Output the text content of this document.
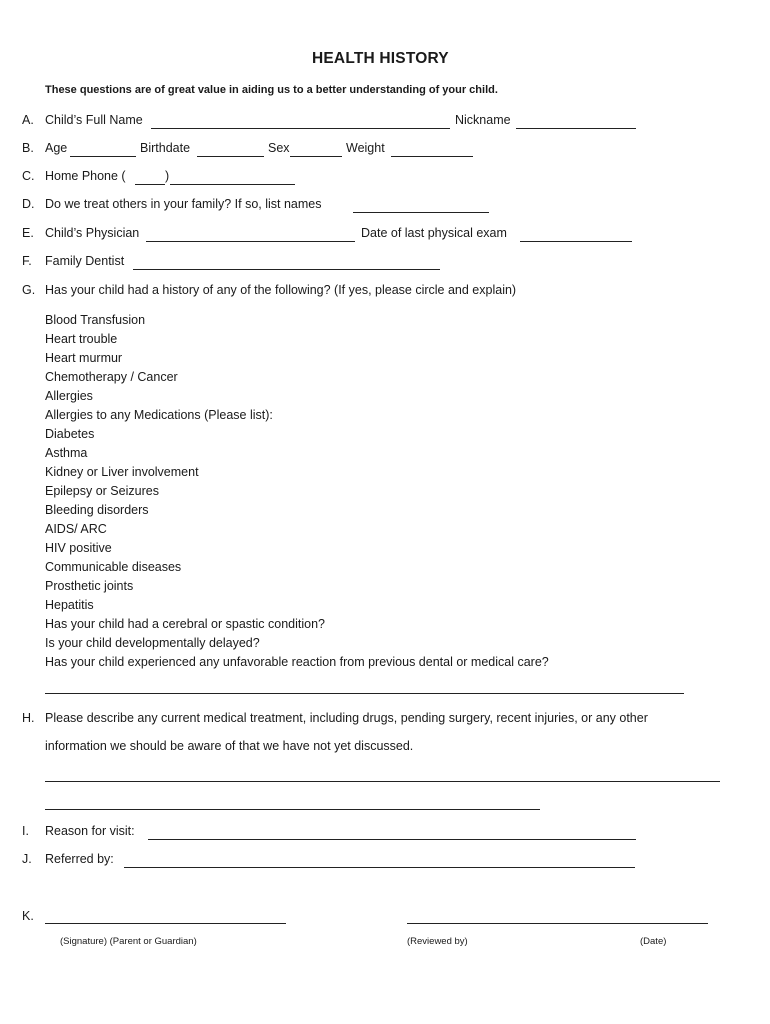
HEALTH HISTORY
These questions are of great value in aiding us to a better understanding of your child.
A. Child’s Full Name	Nickname
B. Age	Birthdate	Sex	Weight
C. Home Phone (	)
D. Do we treat others in your family? If so, list names
E. Child’s Physician	Date of last physical exam
F. Family Dentist
G. Has your child had a history of any of the following? (If yes, please circle and explain)
Blood Transfusion
Heart trouble
Heart murmur
Chemotherapy / Cancer
Allergies
Allergies to any Medications (Please list):
Diabetes
Asthma
Kidney or Liver involvement
Epilepsy or Seizures
Bleeding disorders
AIDS/ ARC
HIV positive
Communicable diseases
Prosthetic joints
Hepatitis
Has your child had a cerebral or spastic condition?
Is your child developmentally delayed?
Has your child experienced any unfavorable reaction from previous dental or medical care?
H. Please describe any current medical treatment, including drugs, pending surgery, recent injuries, or any other
information we should be aware of that we have not yet discussed.
I. Reason for visit:
J. Referred by:
K.
(Signature) (Parent or Guardian)	(Reviewed by)	(Date)
